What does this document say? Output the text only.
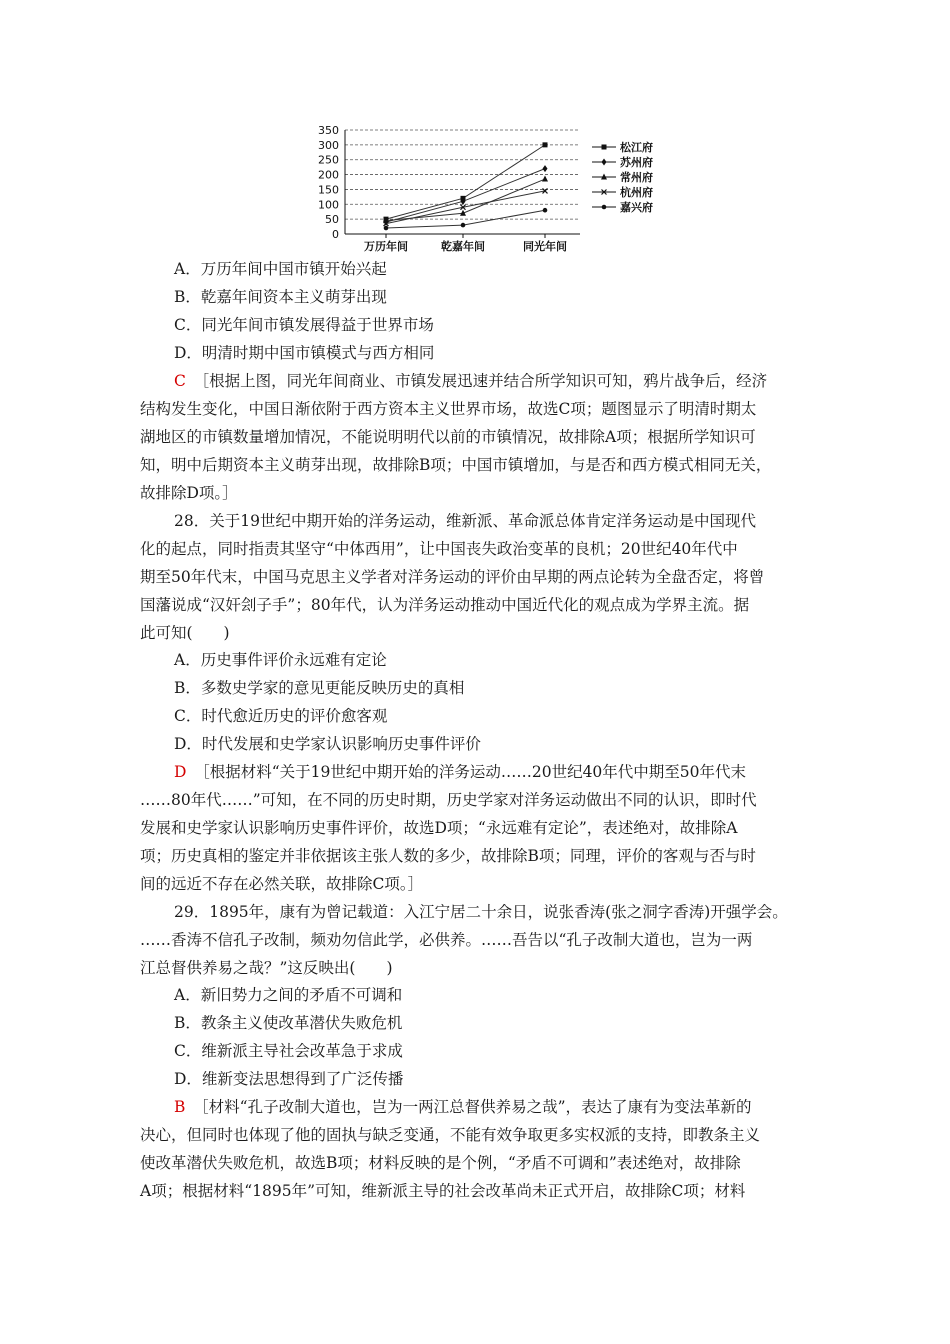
0
50
100
150
200
250
300
350
万历年间	乾嘉年间	同光年间
松江府
苏州府
常州府
杭州府
嘉兴府
A．万历年间中国市镇开始兴起
B．乾嘉年间资本主义萌芽出现
C．同光年间市镇发展得益于世界市场
D．明清时期中国市镇模式与西方相同
C　 ［根据上图，同光年间商业、市镇发展迅速并结合所学知识可知，鸦片战争后，经济
结构发生变化，中国日渐依附于西方资本主义世界市场，故选C项；题图显示了明清时期太
湖地区的市镇数量增加情况，不能说明明代以前的市镇情况，故排除A项；根据所学知识可
知，明中后期资本主义萌芽出现，故排除B项；中国市镇增加，与是否和西方模式相同无关，
故排除D项。］
28．关于19世纪中期开始的洋务运动，维新派、革命派总体肯定洋务运动是中国现代
化的起点，同时指责其坚守“中体西用”，让中国丧失政治变革的良机；20世纪40年代中
期至50年代末，中国马克思主义学者对洋务运动的评价由早期的两点论转为全盘否定，将曾
国藩说成“汉奸刽子手”；80年代，认为洋务运动推动中国近代化的观点成为学界主流。据
此可知(　　)
A．历史事件评价永远难有定论
B．多数史学家的意见更能反映历史的真相
C．时代愈近历史的评价愈客观
D．时代发展和史学家认识影响历史事件评价
D　 ［根据材料“关于19世纪中期开始的洋务运动……20世纪40年代中期至50年代末
……80年代……”可知，在不同的历史时期，历史学家对洋务运动做出不同的认识，即时代
发展和史学家认识影响历史事件评价，故选D项；“永远难有定论”，表述绝对，故排除A
项；历史真相的鉴定并非依据该主张人数的多少，故排除B项；同理，评价的客观与否与时
间的远近不存在必然关联，故排除C项。］
29．1895年，康有为曾记载道：入江宁居二十余日，说张香涛(张之洞字香涛)开强学会。
……香涛不信孔子改制，频劝勿信此学，必供养。……吾告以“孔子改制大道也，岂为一两
江总督供养易之哉？”这反映出(　　)
A．新旧势力之间的矛盾不可调和
B．教条主义使改革潜伏失败危机
C．维新派主导社会改革急于求成
D．维新变法思想得到了广泛传播
B　 ［材料“孔子改制大道也，岂为一两江总督供养易之哉”，表达了康有为变法革新的
决心，但同时也体现了他的固执与缺乏变通，不能有效争取更多实权派的支持，即教条主义
使改革潜伏失败危机，故选B项；材料反映的是个例，“矛盾不可调和”表述绝对，故排除
A项；根据材料“1895年”可知，维新派主导的社会改革尚未正式开启，故排除C项；材料
